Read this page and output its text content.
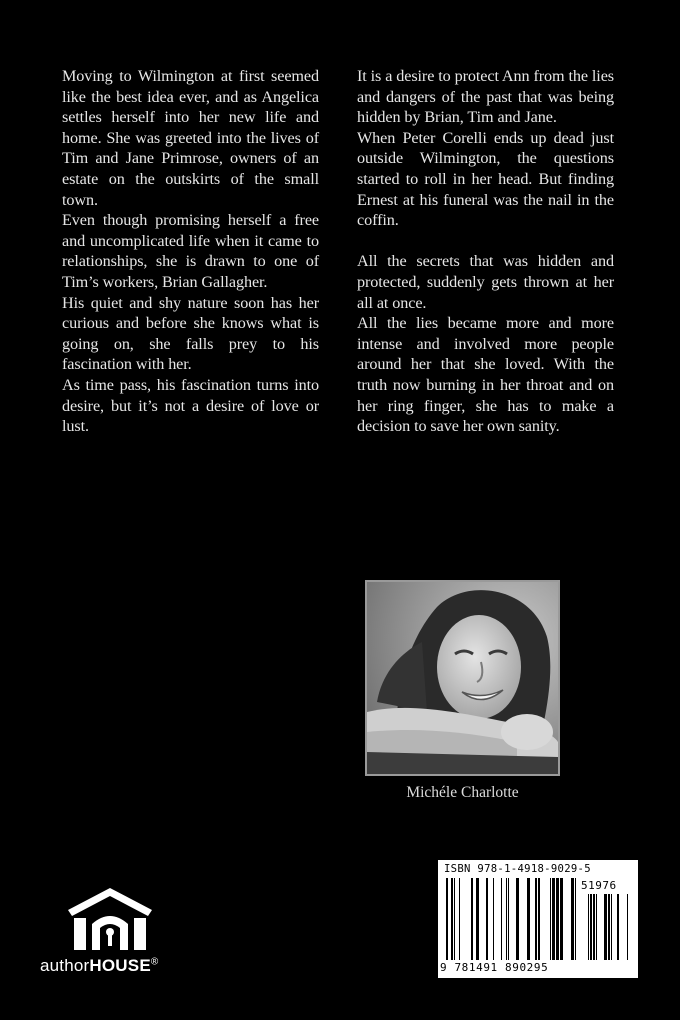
Moving to Wilmington at first seemed like the best idea ever, and as Angelica settles herself into her new life and home. She was greeted into the lives of Tim and Jane Primrose, owners of an estate on the outskirts of the small town.

Even though promising herself a free and uncomplicated life when it came to relationships, she is drawn to one of Tim’s workers, Brian Gallagher.

His quiet and shy nature soon has her curious and before she knows what is going on, she falls prey to his fascination with her.

As time pass, his fascination turns into desire, but it’s not a desire of love or lust.

It is a desire to protect Ann from the lies and dangers of the past that was being hidden by Brian, Tim and Jane.

When Peter Corelli ends up dead just outside Wilmington, the questions started to roll in her head. But finding Ernest at his funeral was the nail in the coffin.

All the secrets that was hidden and protected, suddenly gets thrown at her all at once.

All the lies became more and more intense and involved more people around her that she loved. With the truth now burning in her throat and on her ring finger, she has to make a decision to save her own sanity.

Michéle Charlotte
ISBN 978-1-4918-9029-5
51976
9 781491 890295
authorHOUSE®
